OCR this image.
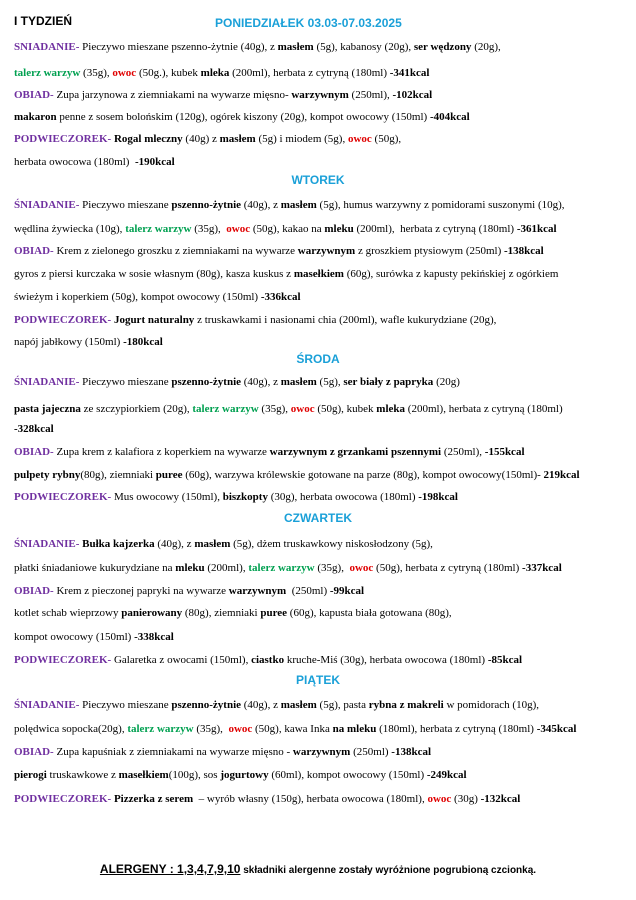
I TYDZIEŃ	PONIEDZIAŁEK 03.03-07.03.2025
SNIADANIE- Pieczywo mieszane pszenno-żytnie (40g), z masłem (5g), kabanosy (20g), ser wędzony (20g),
talerz warzyw (35g), owoc (50g.), kubek mleka (200ml), herbata z cytryną (180ml) -341kcal
OBIAD- Zupa jarzynowa z ziemniakami na wywarze mięsno- warzywnym (250ml), -102kcal
makaron penne z sosem bolońskim (120g), ogórek kiszony (20g), kompot owocowy (150ml) -404kcal
PODWIECZOREK- Rogal mleczny (40g) z masłem (5g) i miodem (5g), owoc (50g),
herbata owocowa (180ml)  -190kcal
WTOREK
ŚNIADANIE- Pieczywo mieszane pszenno-żytnie (40g), z masłem (5g), humus warzywny z pomidorami suszonymi (10g),
wędlina żywiecka (10g), talerz warzyw (35g),  owoc (50g), kakao na mleku (200ml),  herbata z cytryną (180ml) -361kcal
OBIAD- Krem z zielonego groszku z ziemniakami na wywarze warzywnym z groszkiem ptysiowym (250ml) -138kcal
gyros z piersi kurczaka w sosie własnym (80g), kasza kuskus z masełkiem (60g), surówka z kapusty pekińskiej z ogórkiem
świeżym i koperkiem (50g), kompot owocowy (150ml) -336kcal
PODWIECZOREK- Jogurt naturalny z truskawkami i nasionami chia (200ml), wafle kukurydziane (20g),
napój jabłkowy (150ml) -180kcal
ŚRODA
ŚNIADANIE- Pieczywo mieszane pszenno-żytnie (40g), z masłem (5g), ser biały z papryka (20g)
pasta jajeczna ze szczypiorkiem (20g), talerz warzyw (35g), owoc (50g), kubek mleka (200ml), herbata z cytryną (180ml)
-328kcal
OBIAD- Zupa krem z kalafiora z koperkiem na wywarze warzywnym z grzankami pszennymi (250ml), -155kcal
pulpety rybny(80g), ziemniaki puree (60g), warzywa królewskie gotowane na parze (80g), kompot owocowy(150ml)- 219kcal
PODWIECZOREK- Mus owocowy (150ml), biszkopty (30g), herbata owocowa (180ml) -198kcal
CZWARTEK
ŚNIADANIE- Bułka kajzerka (40g), z masłem (5g), dżem truskawkowy niskosłodzony (5g),
płatki śniadaniowe kukurydziane na mleku (200ml), talerz warzyw (35g),  owoc (50g), herbata z cytryną (180ml) -337kcal
OBIAD- Krem z pieczonej papryki na wywarze warzywnym  (250ml) -99kcal
kotlet schab wieprzowy panierowany (80g), ziemniaki puree (60g), kapusta biała gotowana (80g),
kompot owocowy (150ml) -338kcal
PODWIECZOREK- Galaretka z owocami (150ml), ciastko kruche-Miś (30g), herbata owocowa (180ml) -85kcal
PIĄTEK
ŚNIADANIE- Pieczywo mieszane pszenno-żytnie (40g), z masłem (5g), pasta rybna z makreli w pomidorach (10g),
polędwica sopocka(20g), talerz warzyw (35g),  owoc (50g), kawa Inka na mleku (180ml), herbata z cytryną (180ml) -345kcal
OBIAD- Zupa kapuśniak z ziemniakami na wywarze mięsno - warzywnym (250ml) -138kcal
pierogi truskawkowe z masełkiem(100g), sos jogurtowy (60ml), kompot owocowy (150ml) -249kcal
PODWIECZOREK- Pizzerka z serem  – wyrób własny (150g), herbata owocowa (180ml), owoc (30g) -132kcal
ALERGENY : 1,3,4,7,9,10 składniki alergenne zostały wyróżnione pogrubioną czcionką.
